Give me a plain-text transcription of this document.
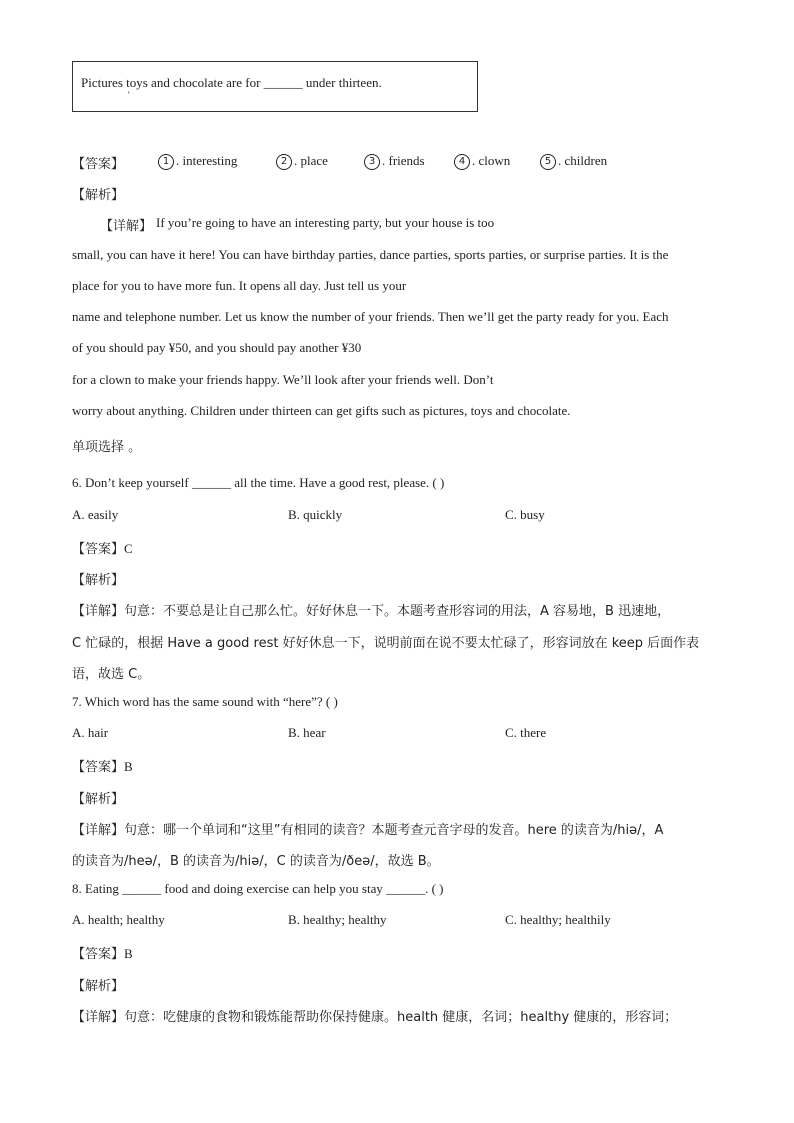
Pictures toys and chocolate are for ______ under thirteen.
'
【答案】	1 . interesting	2 . place	3 . friends	4 . clown	5 . children
【解析】
【详解】 If you’re going to have an interesting party, but your house is too
small, you can have it here! You can have birthday parties, dance parties, sports parties, or surprise parties. It is the
place for you to have more fun. It opens all day. Just tell us your
name and telephone number. Let us know the number of your friends. Then we’ll get the party ready for you. Each
of you should pay ¥50, and you should pay another ¥30
for a clown to make your friends happy. We’ll look after your friends well. Don’t
worry about anything. Children under thirteen can get gifts such as pictures, toys and chocolate.
单项选择 。
6. Don’t keep yourself ______ all the time. Have a good rest, please. ( )
A. easily	B. quickly	C. busy
【答案】C
【解析】
【详解】句意：不要总是让自己那么忙。好好休息一下。本题考查形容词的用法，A 容易地，B 迅速地，
C 忙碌的，根据 Have a good rest 好好休息一下，说明前面在说不要太忙碌了，形容词放在 keep 后面作表
语，故选 C。
7. Which word has the same sound with “here”? ( )
A. hair	B. hear	C. there
【答案】B
【解析】
【详解】句意：哪一个单词和“这里”有相同的读音？本题考查元音字母的发音。here 的读音为/hiə/，A
的读音为/heə/，B 的读音为/hiə/，C 的读音为/ðeə/，故选 B。
8. Eating ______ food and doing exercise can help you stay ______. ( )
A. health; healthy	B. healthy; healthy	C. healthy; healthily
【答案】B
【解析】
【详解】句意：吃健康的食物和锻炼能帮助你保持健康。health 健康，名词；healthy 健康的，形容词；
